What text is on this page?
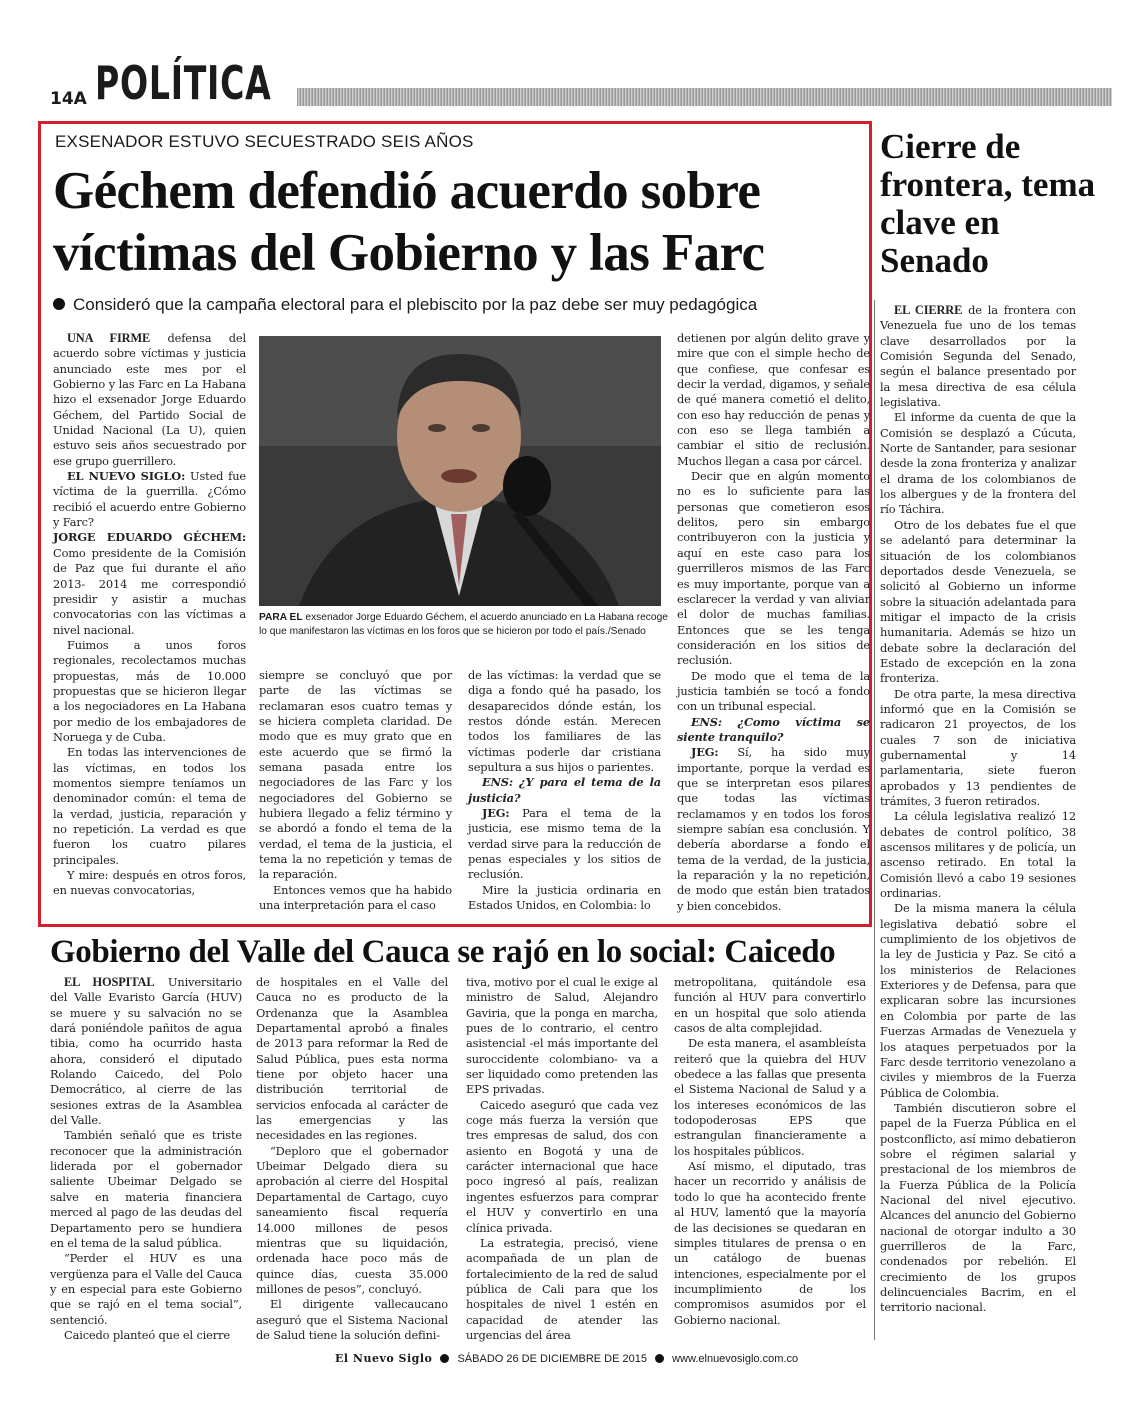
14A POLÍTICA
EXSENADOR ESTUVO SECUESTRADO SEIS AÑOS
Géchem defendió acuerdo sobre víctimas del Gobierno y las Farc
Consideró que la campaña electoral para el plebiscito por la paz debe ser muy pedagógica

UNA FIRME defensa del acuerdo sobre víctimas y justicia anunciado este mes por el Gobierno y las Farc en La Habana hizo el exsenador Jorge Eduardo Géchem, del Partido Social de Unidad Nacional (La U), quien estuvo seis años secuestrado por ese grupo guerrillero.

EL NUEVO SIGLO: Usted fue víctima de la guerrilla. ¿Cómo recibió el acuerdo entre Gobierno y Farc?

JORGE EDUARDO GÉCHEM: Como presidente de la Comisión de Paz que fui durante el año 2013- 2014 me correspondió presidir y asistir a muchas convocatorias con las víctimas a nivel nacional.

Fuimos a unos foros regionales, recolectamos muchas propuestas, más de 10.000 propuestas que se hicieron llegar a los negociadores en La Habana por medio de los embajadores de Noruega y de Cuba.

En todas las intervenciones de las víctimas, en todos los momentos siempre teníamos un denominador común: el tema de la verdad, justicia, reparación y no repetición. La verdad es que fueron los cuatro pilares principales.

Y mire: después en otros foros, en nuevas convocatorias,

PARA EL exsenador Jorge Eduardo Géchem, el acuerdo anunciado en La Habana recoge lo que manifestaron las víctimas en los foros que se hicieron por todo el país./Senado

siempre se concluyó que por parte de las víctimas se reclamaran esos cuatro temas y se hiciera completa claridad. De modo que es muy grato que en este acuerdo que se firmó la semana pasada entre los negociadores de las Farc y los negociadores del Gobierno se hubiera llegado a feliz término y se abordó a fondo el tema de la verdad, el tema de la justicia, el tema la no repetición y temas de la reparación.

Entonces vemos que ha habido una interpretación para el caso

de las víctimas: la verdad que se diga a fondo qué ha pasado, los desaparecidos dónde están, los restos dónde están. Merecen todos los familiares de las víctimas poderle dar cristiana sepultura a sus hijos o parientes.

ENS: ¿Y para el tema de la justicia?

JEG: Para el tema de la justicia, ese mismo tema de la verdad sirve para la reducción de penas especiales y los sitios de reclusión.

Mire la justicia ordinaria en Estados Unidos, en Colombia: lo

detienen por algún delito grave y mire que con el simple hecho de que confiese, que confesar es decir la verdad, digamos, y señale de qué manera cometió el delito, con eso hay reducción de penas y con eso se llega también a cambiar el sitio de reclusión. Muchos llegan a casa por cárcel.

Decir que en algún momento no es lo suficiente para las personas que cometieron esos delitos, pero sin embargo contribuyeron con la justicia y aquí en este caso para los guerrilleros mismos de las Farc es muy importante, porque van a esclarecer la verdad y van aliviar el dolor de muchas familias. Entonces que se les tenga consideración en los sitios de reclusión.

De modo que el tema de la justicia también se tocó a fondo con un tribunal especial.

ENS: ¿Como víctima se siente tranquilo?

JEG: Sí, ha sido muy importante, porque la verdad es que se interpretan esos pilares que todas las víctimas reclamamos y en todos los foros siempre sabían esa conclusión. Y debería abordarse a fondo el tema de la verdad, de la justicia, la reparación y la no repetición, de modo que están bien tratados y bien concebidos.

Cierre de frontera, tema clave en Senado

EL CIERRE de la frontera con Venezuela fue uno de los temas clave desarrollados por la Comisión Segunda del Senado, según el balance presentado por la mesa directiva de esa célula legislativa.

El informe da cuenta de que la Comisión se desplazó a Cúcuta, Norte de Santander, para sesionar desde la zona fronteriza y analizar el drama de los colombianos de los albergues y de la frontera del río Táchira.

Otro de los debates fue el que se adelantó para determinar la situación de los colombianos deportados desde Venezuela, se solicitó al Gobierno un informe sobre la situación adelantada para mitigar el impacto de la crisis humanitaria. Además se hizo un debate sobre la declaración del Estado de excepción en la zona fronteriza.

De otra parte, la mesa directiva informó que en la Comisión se radicaron 21 proyectos, de los cuales 7 son de iniciativa gubernamental y 14 parlamentaria, siete fueron aprobados y 13 pendientes de trámites, 3 fueron retirados.

La célula legislativa realizó 12 debates de control político, 38 ascensos militares y de policía, un ascenso retirado. En total la Comisión llevó a cabo 19 sesiones ordinarias.

De la misma manera la célula legislativa debatió sobre el cumplimiento de los objetivos de la ley de Justicia y Paz. Se citó a los ministerios de Relaciones Exteriores y de Defensa, para que explicaran sobre las incursiones en Colombia por parte de las Fuerzas Armadas de Venezuela y los ataques perpetuados por la Farc desde territorio venezolano a civiles y miembros de la Fuerza Pública de Colombia.

También discutieron sobre el papel de la Fuerza Pública en el postconflicto, así mimo debatieron sobre el régimen salarial y prestacional de los miembros de la Fuerza Pública de la Policía Nacional del nivel ejecutivo. Alcances del anuncio del Gobierno nacional de otorgar indulto a 30 guerrilleros de la Farc, condenados por rebelión. El crecimiento de los grupos delincuenciales Bacrim, en el territorio nacional.

Gobierno del Valle del Cauca se rajó en lo social: Caicedo

EL HOSPITAL Universitario del Valle Evaristo García (HUV) se muere y su salvación no se dará poniéndole pañitos de agua tibia, como ha ocurrido hasta ahora, consideró el diputado Rolando Caicedo, del Polo Democrático, al cierre de las sesiones extras de la Asamblea del Valle.

También señaló que es triste reconocer que la administración liderada por el gobernador saliente Ubeimar Delgado se salve en materia financiera merced al pago de las deudas del Departamento pero se hundiera en el tema de la salud pública.

“Perder el HUV es una vergüenza para el Valle del Cauca y en especial para este Gobierno que se rajó en el tema social”, sentenció.

Caicedo planteó que el cierre

de hospitales en el Valle del Cauca no es producto de la Ordenanza que la Asamblea Departamental aprobó a finales de 2013 para reformar la Red de Salud Pública, pues esta norma tiene por objeto hacer una distribución territorial de servicios enfocada al carácter de las emergencias y las necesidades en las regiones.

“Deploro que el gobernador Ubeimar Delgado diera su aprobación al cierre del Hospital Departamental de Cartago, cuyo saneamiento fiscal requería 14.000 millones de pesos mientras que su liquidación, ordenada hace poco más de quince días, cuesta 35.000 millones de pesos”, concluyó.

El dirigente vallecaucano aseguró que el Sistema Nacional de Salud tiene la solución defini-

tiva, motivo por el cual le exige al ministro de Salud, Alejandro Gaviria, que la ponga en marcha, pues de lo contrario, el centro asistencial -el más importante del suroccidente colombiano- va a ser liquidado como pretenden las EPS privadas.

Caicedo aseguró que cada vez coge más fuerza la versión que tres empresas de salud, dos con asiento en Bogotá y una de carácter internacional que hace poco ingresó al país, realizan ingentes esfuerzos para comprar el HUV y convertirlo en una clínica privada.

La estrategia, precisó, viene acompañada de un plan de fortalecimiento de la red de salud pública de Cali para que los hospitales de nivel 1 estén en capacidad de atender las urgencias del área

metropolitana, quitándole esa función al HUV para convertirlo en un hospital que solo atienda casos de alta complejidad.

De esta manera, el asambleísta reiteró que la quiebra del HUV obedece a las fallas que presenta el Sistema Nacional de Salud y a los intereses económicos de las todopoderosas EPS que estrangulan financieramente a los hospitales públicos.

Así mismo, el diputado, tras hacer un recorrido y análisis de todo lo que ha acontecido frente al HUV, lamentó que la mayoría de las decisiones se quedaran en simples titulares de prensa o en un catálogo de buenas intenciones, especialmente por el incumplimiento de los compromisos asumidos por el Gobierno nacional.

El Nuevo Siglo SÁBADO 26 DE DICIEMBRE DE 2015 www.elnuevosiglo.com.co
